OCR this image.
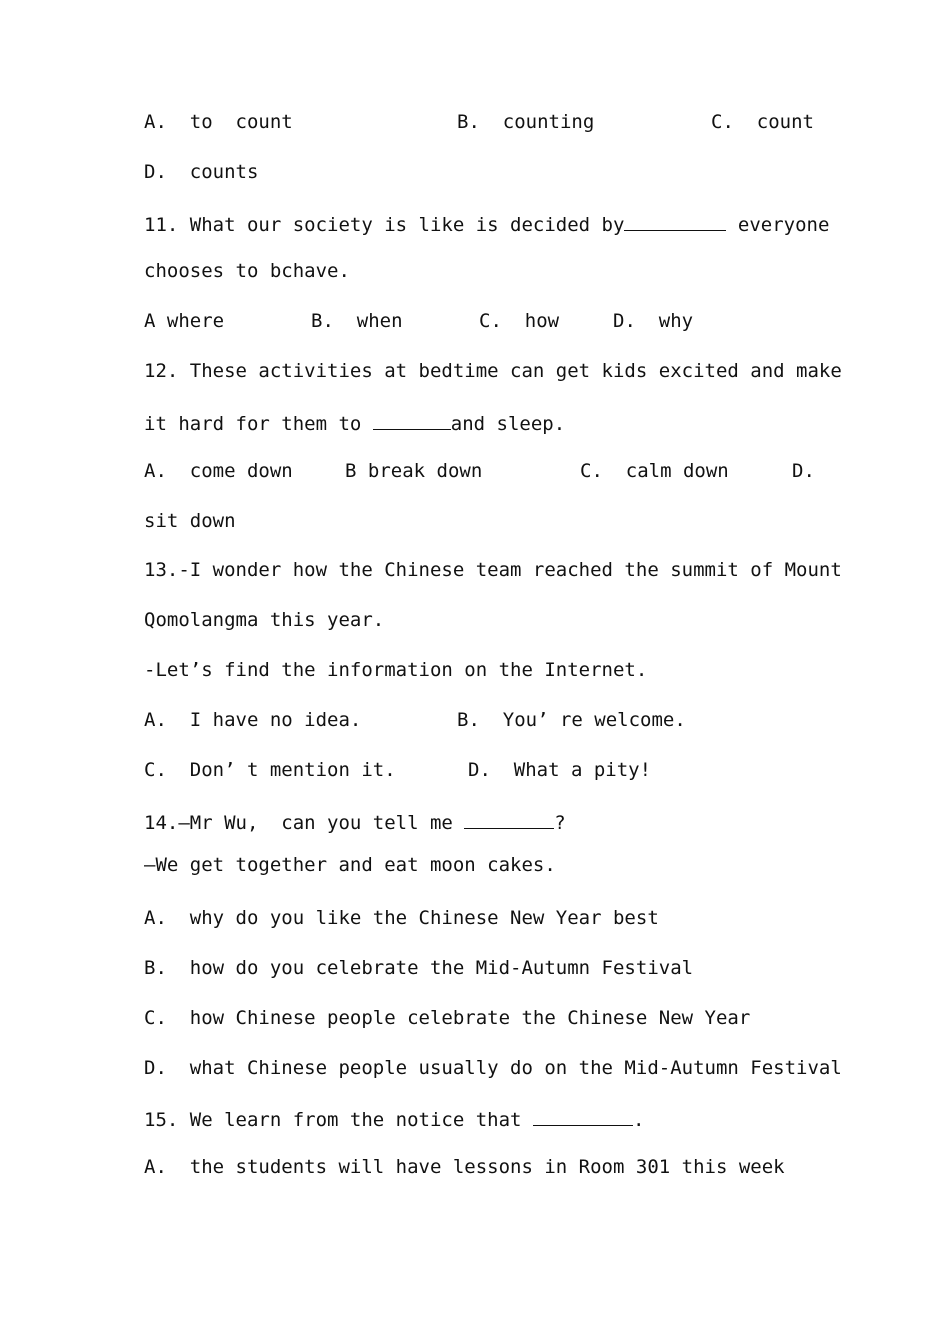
A.  to  count

	B.  counting

	C.  count

D.  counts
11. What our society is like is decided by	everyone
chooses to bchave.

A where

	B.  when

	C.  how

	D.  why

12. These activities at bedtime can get kids excited and make
it hard for them to	and sleep.

A.  come down

	B break down

	C.  calm down

	D.

sit down
13.-I wonder how the Chinese team reached the summit of Mount
Qomolangma this year.
-Let’s find the information on the Internet.

A.  I have no idea.

	B.  You’ re welcome.

C.  Don’ t mention it.

	D.  What a pity!

14.—Mr Wu,  can you tell me	?
—We get together and eat moon cakes.
A.  why do you like the Chinese New Year best
B.  how do you celebrate the Mid-Autumn Festival
C.  how Chinese people celebrate the Chinese New Year
D.  what Chinese people usually do on the Mid-Autumn Festival
15. We learn from the notice that	.
A.  the students will have lessons in Room 301 this week
